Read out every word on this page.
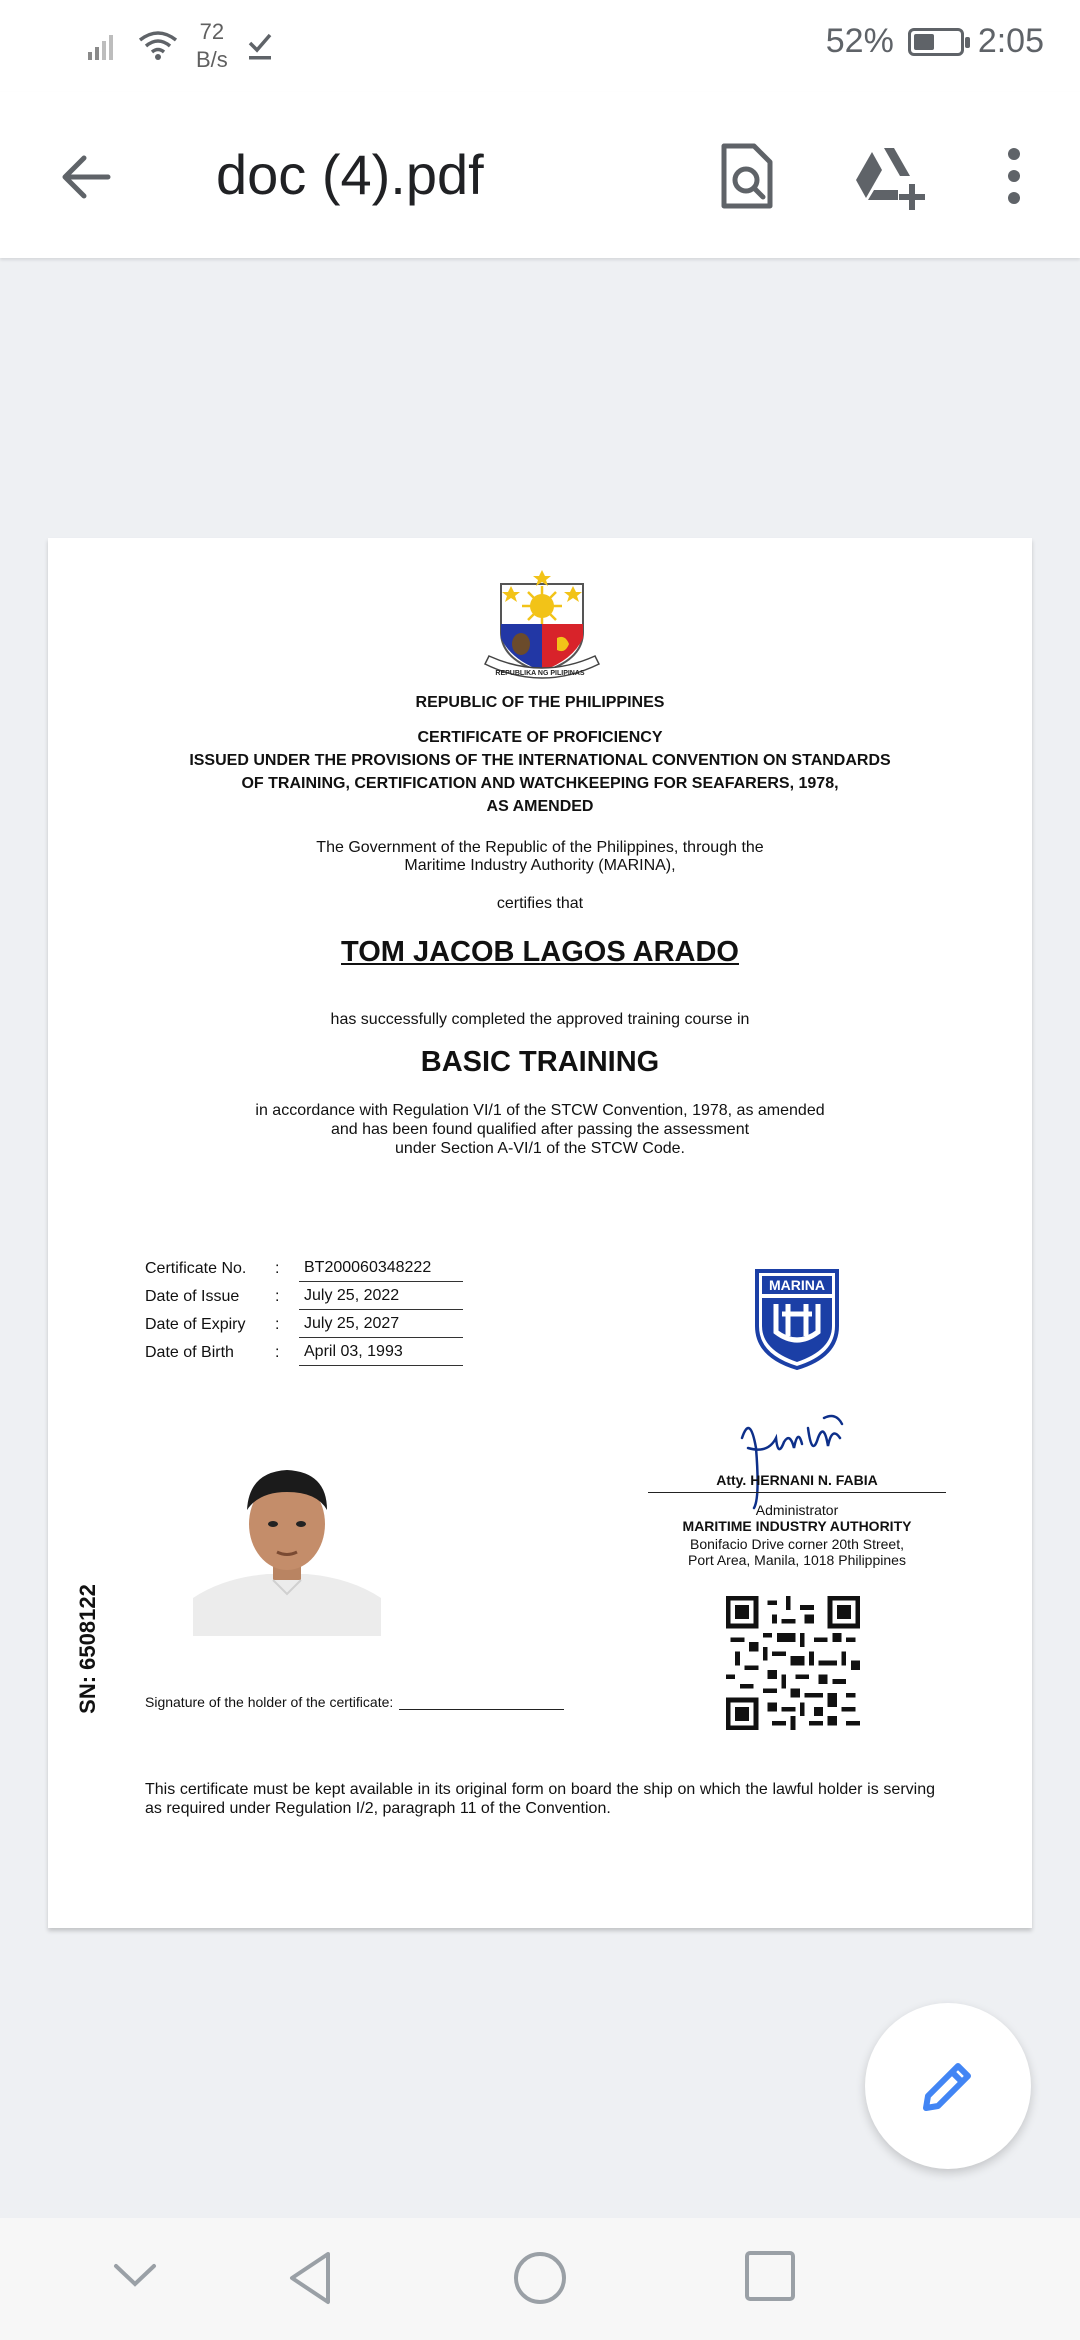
72
B/s	52% 2:05
doc (4).pdf
REPUBLIKA NG PILIPINAS
REPUBLIC OF THE PHILIPPINES
CERTIFICATE OF PROFICIENCY
ISSUED UNDER THE PROVISIONS OF THE INTERNATIONAL CONVENTION ON STANDARDS
OF TRAINING, CERTIFICATION AND WATCHKEEPING FOR SEAFARERS, 1978,
AS AMENDED
The Government of the Republic of the Philippines, through the
Maritime Industry Authority (MARINA),
certifies that
TOM JACOB LAGOS ARADO
has successfully completed the approved training course in
BASIC TRAINING
in accordance with Regulation VI/1 of the STCW Convention, 1978, as amended
and has been found qualified after passing the assessment
under Section A-VI/1 of the STCW Code.
Certificate No.	:	BT200060348222
Date of Issue	:	July 25, 2022
Date of Expiry	:	July 25, 2027
Date of Birth	:	April 03, 1993
MARINA
Atty. HERNANI N. FABIA
Administrator
MARITIME INDUSTRY AUTHORITY
Bonifacio Drive corner 20th Street,
Port Area, Manila, 1018 Philippines
Signature of the holder of the certificate:
SN: 6508122
This certificate must be kept available in its original form on board the ship on which the lawful holder is serving as required under Regulation I/2, paragraph 11 of the Convention.
